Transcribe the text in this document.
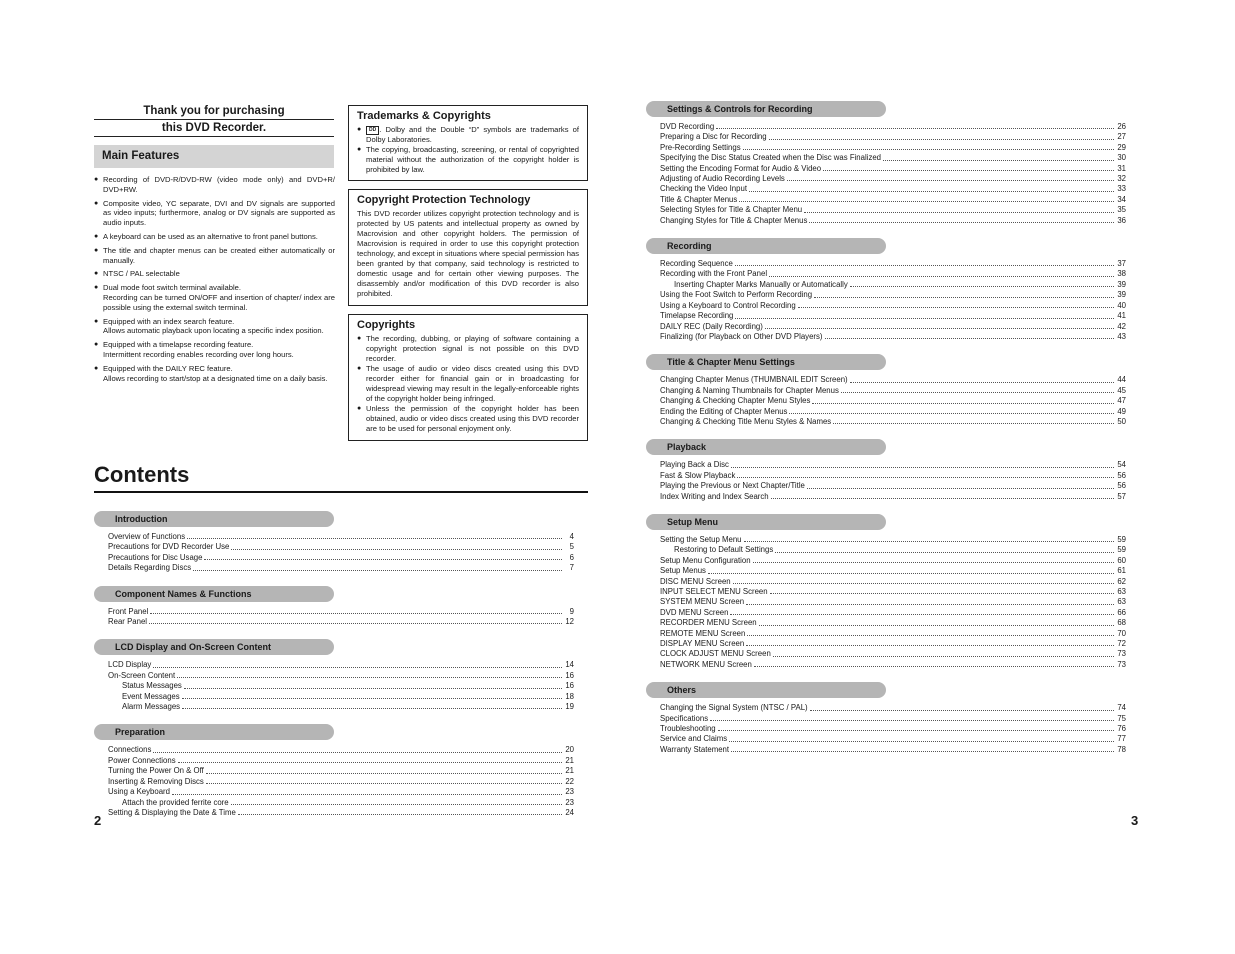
Thank you for purchasing
this DVD Recorder.
Main Features
● Recording of DVD-R/DVD-RW (video mode only) and DVD+R/ DVD+RW.
● Composite video, YC separate, DVI and DV signals are supported as video inputs; furthermore, analog or DV signals are supported as audio inputs.
● A keyboard can be used as an alternative to front panel buttons.
● The title and chapter menus can be created either automatically or manually.
● NTSC / PAL selectable
● Dual mode foot switch terminal available.
Recording can be turned ON/OFF and insertion of chapter/ index are possible using the external switch terminal.
● Equipped with an index search feature.
Allows automatic playback upon locating a specific index position.
● Equipped with a timelapse recording feature.
Intermittent recording enables recording over long hours.
● Equipped with the DAILY REC feature.
Allows recording to start/stop at a designated time on a daily basis.
Trademarks & Copyrights
● DD . Dolby and the Double “D” symbols are trademarks of Dolby Laboratories.
● The copying, broadcasting, screening, or rental of copyrighted material without the authorization of the copyright holder is prohibited by law.
Copyright Protection Technology

This DVD recorder utilizes copyright protection technology and is protected by US patents and intellectual property as owned by Macrovision and other copyright holders. The permission of Macrovision is required in order to use this copyright protection technology, and except in situations where special permission has been granted by that company, said technology is restricted to domestic usage and for certain other viewing purposes. The disassembly and/or modification of this DVD recorder is also prohibited.

Copyrights
● The recording, dubbing, or playing of software containing a copyright protection signal is not possible on this DVD recorder.
● The usage of audio or video discs created using this DVD recorder either for financial gain or in broadcasting for widespread viewing may result in the legally-enforceable rights of the copyright holder being infringed.
● Unless the permission of the copyright holder has been obtained, audio or video discs created using this DVD recorder are to be used for personal enjoyment only.
Contents
Introduction
Overview of Functions	4
Precautions for DVD Recorder Use	5
Precautions for Disc Usage	6
Details Regarding Discs	7
Component Names & Functions
Front Panel	9
Rear Panel	12
LCD Display and On-Screen Content
LCD Display	14
On-Screen Content	16
Status Messages	16
Event Messages	18
Alarm Messages	19
Preparation
Connections	20
Power Connections	21
Turning the Power On & Off	21
Inserting & Removing Discs	22
Using a Keyboard	23
Attach the provided ferrite core	23
Setting & Displaying the Date & Time	24
Settings & Controls for Recording
DVD Recording	26
Preparing a Disc for Recording	27
Pre-Recording Settings	29
Specifying the Disc Status Created when the Disc was Finalized	30
Setting the Encoding Format for Audio & Video	31
Adjusting of Audio Recording Levels	32
Checking the Video Input	33
Title & Chapter Menus	34
Selecting Styles for Title & Chapter Menu	35
Changing Styles for Title & Chapter Menus	36
Recording
Recording Sequence	37
Recording with the Front Panel	38
Inserting Chapter Marks Manually or Automatically	39
Using the Foot Switch to Perform Recording	39
Using a Keyboard to Control Recording	40
Timelapse Recording	41
DAILY REC (Daily Recording)	42
Finalizing (for Playback on Other DVD Players)	43
Title & Chapter Menu Settings
Changing Chapter Menus (THUMBNAIL EDIT Screen)	44
Changing & Naming Thumbnails for Chapter Menus	45
Changing & Checking Chapter Menu Styles	47
Ending the Editing of Chapter Menus	49
Changing & Checking Title Menu Styles & Names	50
Playback
Playing Back a Disc	54
Fast & Slow Playback	56
Playing the Previous or Next Chapter/Title	56
Index Writing and Index Search	57
Setup Menu
Setting the Setup Menu	59
Restoring to Default Settings	59
Setup Menu Configuration	60
Setup Menus	61
DISC MENU Screen	62
INPUT SELECT MENU Screen	63
SYSTEM MENU Screen	63
DVD MENU Screen	66
RECORDER MENU Screen	68
REMOTE MENU Screen	70
DISPLAY MENU Screen	72
CLOCK ADJUST MENU Screen	73
NETWORK MENU Screen	73
Others
Changing the Signal System (NTSC / PAL)	74
Specifications	75
Troubleshooting	76
Service and Claims	77
Warranty Statement	78
2	3
